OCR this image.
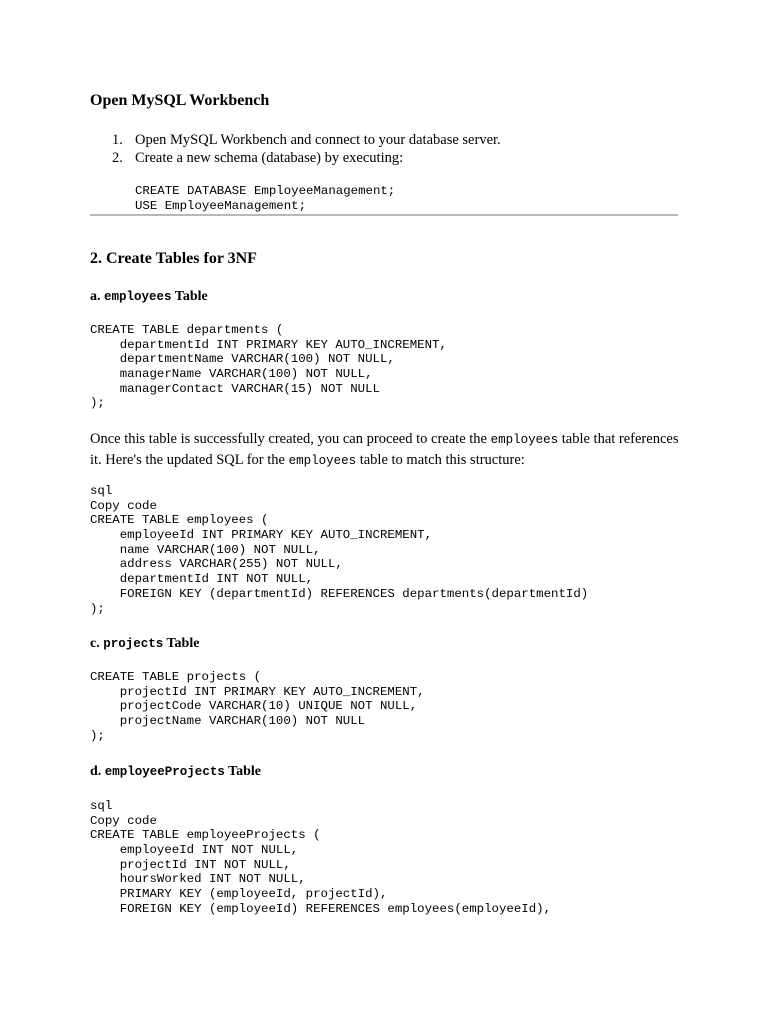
Open MySQL Workbench
1. Open MySQL Workbench and connect to your database server.
2. Create a new schema (database) by executing:
CREATE DATABASE EmployeeManagement;
USE EmployeeManagement;
2. Create Tables for 3NF
a. employees Table
CREATE TABLE departments (
departmentId INT PRIMARY KEY AUTO_INCREMENT,
departmentName VARCHAR(100) NOT NULL,
managerName VARCHAR(100) NOT NULL,
managerContact VARCHAR(15) NOT NULL
);

Once this table is successfully created, you can proceed to create the employees table that references it. Here's the updated SQL for the employees table to match this structure:

sql
Copy code
CREATE TABLE employees (
employeeId INT PRIMARY KEY AUTO_INCREMENT,
name VARCHAR(100) NOT NULL,
address VARCHAR(255) NOT NULL,
departmentId INT NOT NULL,
FOREIGN KEY (departmentId) REFERENCES departments(departmentId)
);
c. projects Table
CREATE TABLE projects (
projectId INT PRIMARY KEY AUTO_INCREMENT,
projectCode VARCHAR(10) UNIQUE NOT NULL,
projectName VARCHAR(100) NOT NULL
);
d. employeeProjects Table
sql
Copy code
CREATE TABLE employeeProjects (
employeeId INT NOT NULL,
projectId INT NOT NULL,
hoursWorked INT NOT NULL,
PRIMARY KEY (employeeId, projectId),
FOREIGN KEY (employeeId) REFERENCES employees(employeeId),
